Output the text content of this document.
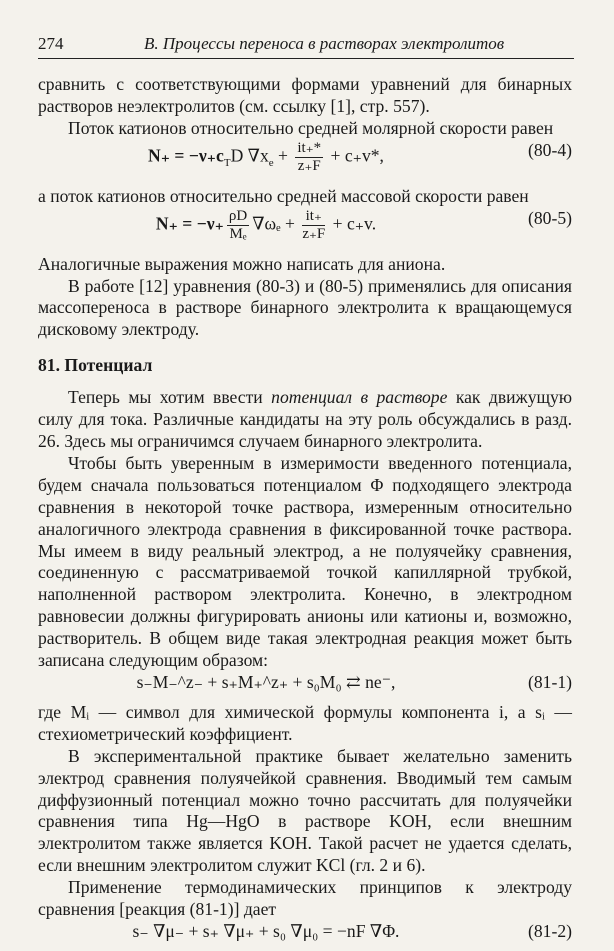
274	В. Процессы переноса в растворах электролитов

сравнить с соответствующими формами уравнений для бинарных растворов неэлектролитов (см. ссылку [1], стр. 557).

Поток катионов относительно средней молярной скорости равен

$N_+ = -\nu_+c_TD$ $\nabla x_e + \frac{it_+*}{z_+F} + c_+v*$,	(80-4)

а поток катионов относительно средней массовой скорости равен

$N_+ = -\nu_+ \frac{\rho D}{\text{Mₑ}} \nabla\omega_e + \frac{it_+}{z_+F} + c_+v$.	(80-5)

Аналогичные выражения можно написать для аниона.

В работе [12] уравнения (80-3) и (80-5) применялись для описания массопереноса в растворе бинарного электролита к вращающемуся дисковому электроду.

81. Потенциал

Теперь мы хотим ввести потенциал в растворе как движущую силу для тока. Различные кандидаты на эту роль обсуждались в разд. 26. Здесь мы ограничимся случаем бинарного электролита.

Чтобы быть уверенным в измеримости введенного потенциала, будем сначала пользоваться потенциалом Φ подходящего электрода сравнения в некоторой точке раствора, измеренным относительно аналогичного электрода сравнения в фиксированной точке раствора. Мы имеем в виду реальный электрод, а не полуячейку сравнения, соединенную с рассматриваемой точкой капиллярной трубкой, наполненной раствором электролита. Конечно, в электродном равновесии должны фигурировать анионы или катионы и, возможно, растворитель. В общем виде такая электродная реакция может быть записана следующим образом:

s₋M₋^z₋ + s₊M₊^z₊ + s₀M₀ ⇄ ne⁻,	(81-1)

где Mᵢ — символ для химической формулы компонента i, а sᵢ — стехиометрический коэффициент.

В экспериментальной практике бывает желательно заменить электрод сравнения полуячейкой сравнения. Вводимый тем самым диффузионный потенциал можно точно рассчитать для полуячейки сравнения типа Hg—HgO в растворе KOH, если внешним электролитом также является KOH. Такой расчет не удается сделать, если внешним электролитом служит KCl (гл. 2 и 6).

Применение термодинамических принципов к электроду сравнения [реакция (81-1)] дает

s₋ ∇μ₋ + s₊ ∇μ₊ + s₀ ∇μ₀ = −nF ∇Φ.	(81-2)
